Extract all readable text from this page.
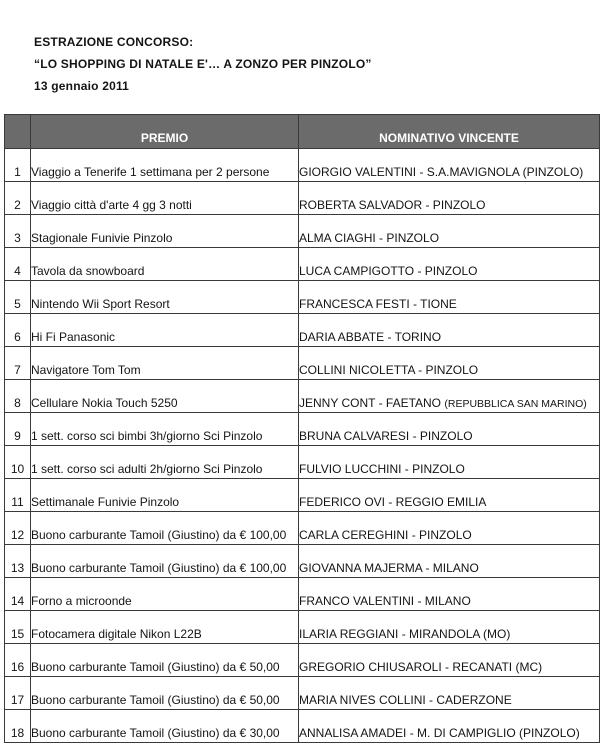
ESTRAZIONE CONCORSO:
“LO SHOPPING DI NATALE E'… A ZONZO PER PINZOLO”
13 gennaio 2011
	PREMIO	NOMINATIVO VINCENTE
1	Viaggio a Tenerife 1 settimana per 2 persone	GIORGIO VALENTINI - S.A.MAVIGNOLA (PINZOLO)
2	Viaggio città d'arte 4 gg 3 notti	ROBERTA SALVADOR - PINZOLO
3	Stagionale Funivie Pinzolo	ALMA CIAGHI - PINZOLO
4	Tavola da snowboard	LUCA CAMPIGOTTO - PINZOLO
5	Nintendo Wii Sport Resort	FRANCESCA FESTI - TIONE
6	Hi Fi Panasonic	DARIA ABBATE - TORINO
7	Navigatore Tom Tom	COLLINI NICOLETTA - PINZOLO
8	Cellulare Nokia Touch 5250	JENNY CONT - FAETANO (REPUBBLICA SAN MARINO)
9	1 sett. corso sci bimbi 3h/giorno Sci Pinzolo	BRUNA CALVARESI - PINZOLO
10	1 sett. corso sci adulti 2h/giorno Sci Pinzolo	FULVIO LUCCHINI - PINZOLO
11	Settimanale Funivie Pinzolo	FEDERICO OVI - REGGIO EMILIA
12	Buono carburante Tamoil (Giustino) da € 100,00	CARLA CEREGHINI - PINZOLO
13	Buono carburante Tamoil (Giustino) da € 100,00	GIOVANNA MAJERMA - MILANO
14	Forno a microonde	FRANCO VALENTINI - MILANO
15	Fotocamera digitale Nikon L22B	ILARIA REGGIANI - MIRANDOLA (MO)
16	Buono carburante Tamoil (Giustino) da € 50,00	GREGORIO CHIUSAROLI - RECANATI (MC)
17	Buono carburante Tamoil (Giustino) da € 50,00	MARIA NIVES COLLINI - CADERZONE
18	Buono carburante Tamoil (Giustino) da € 30,00	ANNALISA AMADEI - M. DI CAMPIGLIO (PINZOLO)
